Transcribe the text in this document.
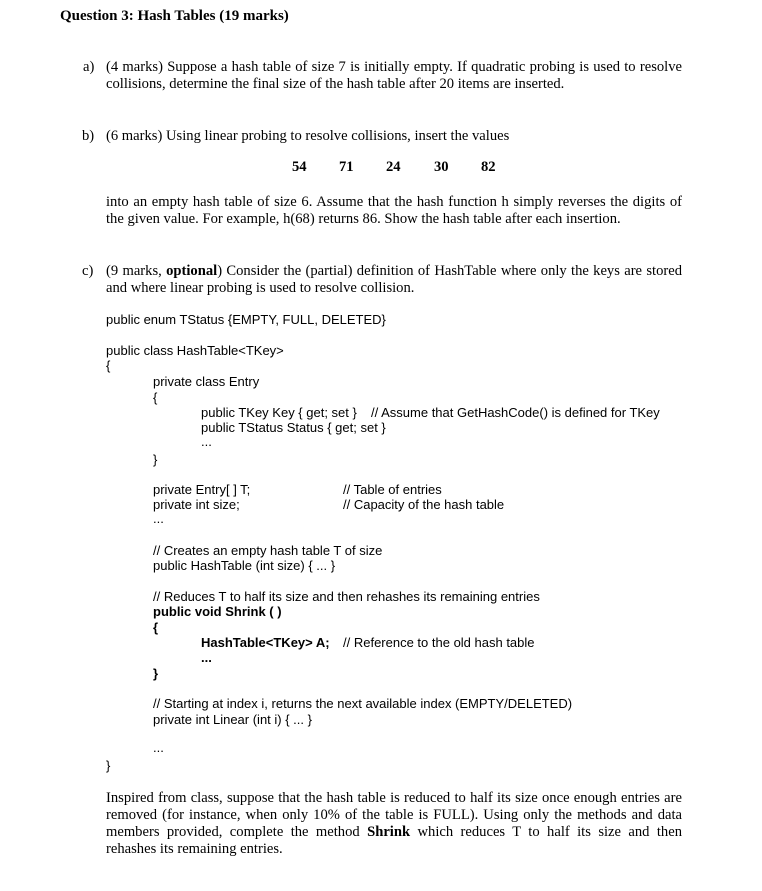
Question 3: Hash Tables (19 marks)
a) (4 marks) Suppose a hash table of size 7 is initially empty. If quadratic probing is used to resolve collisions, determine the final size of the hash table after 20 items are inserted.
b) (6 marks) Using linear probing to resolve collisions, insert the values
54 71 24 30 82
into an empty hash table of size 6. Assume that the hash function h simply reverses the digits of the given value. For example, h(68) returns 86. Show the hash table after each insertion.
c) (9 marks, optional) Consider the (partial) definition of HashTable where only the keys are stored and where linear probing is used to resolve collision.
public enum TStatus {EMPTY, FULL, DELETED}
public class HashTable<TKey>
{
private class Entry
{
public TKey Key { get; set } // Assume that GetHashCode() is defined for TKey
public TStatus Status { get; set }
...
}
private Entry[ ] T;	// Table of entries
private int size;	// Capacity of the hash table
...
// Creates an empty hash table T of size
public HashTable (int size) { ... }
// Reduces T to half its size and then rehashes its remaining entries
public void Shrink ( )
{
HashTable<TKey> A; // Reference to the old hash table
...
}
// Starting at index i, returns the next available index (EMPTY/DELETED)
private int Linear (int i) { ... }
...
}
Inspired from class, suppose that the hash table is reduced to half its size once enough entries are removed (for instance, when only 10% of the table is FULL). Using only the methods and data members provided, complete the method Shrink which reduces T to half its size and then rehashes its remaining entries.
